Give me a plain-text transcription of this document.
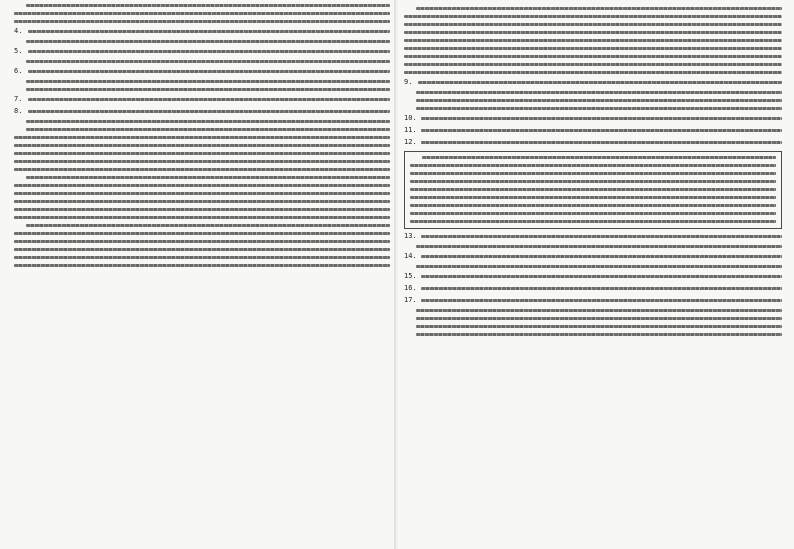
4.
5.
6.
7.
8.
9.
10.
11.
12.
13.
14.
15.
16.
17.
